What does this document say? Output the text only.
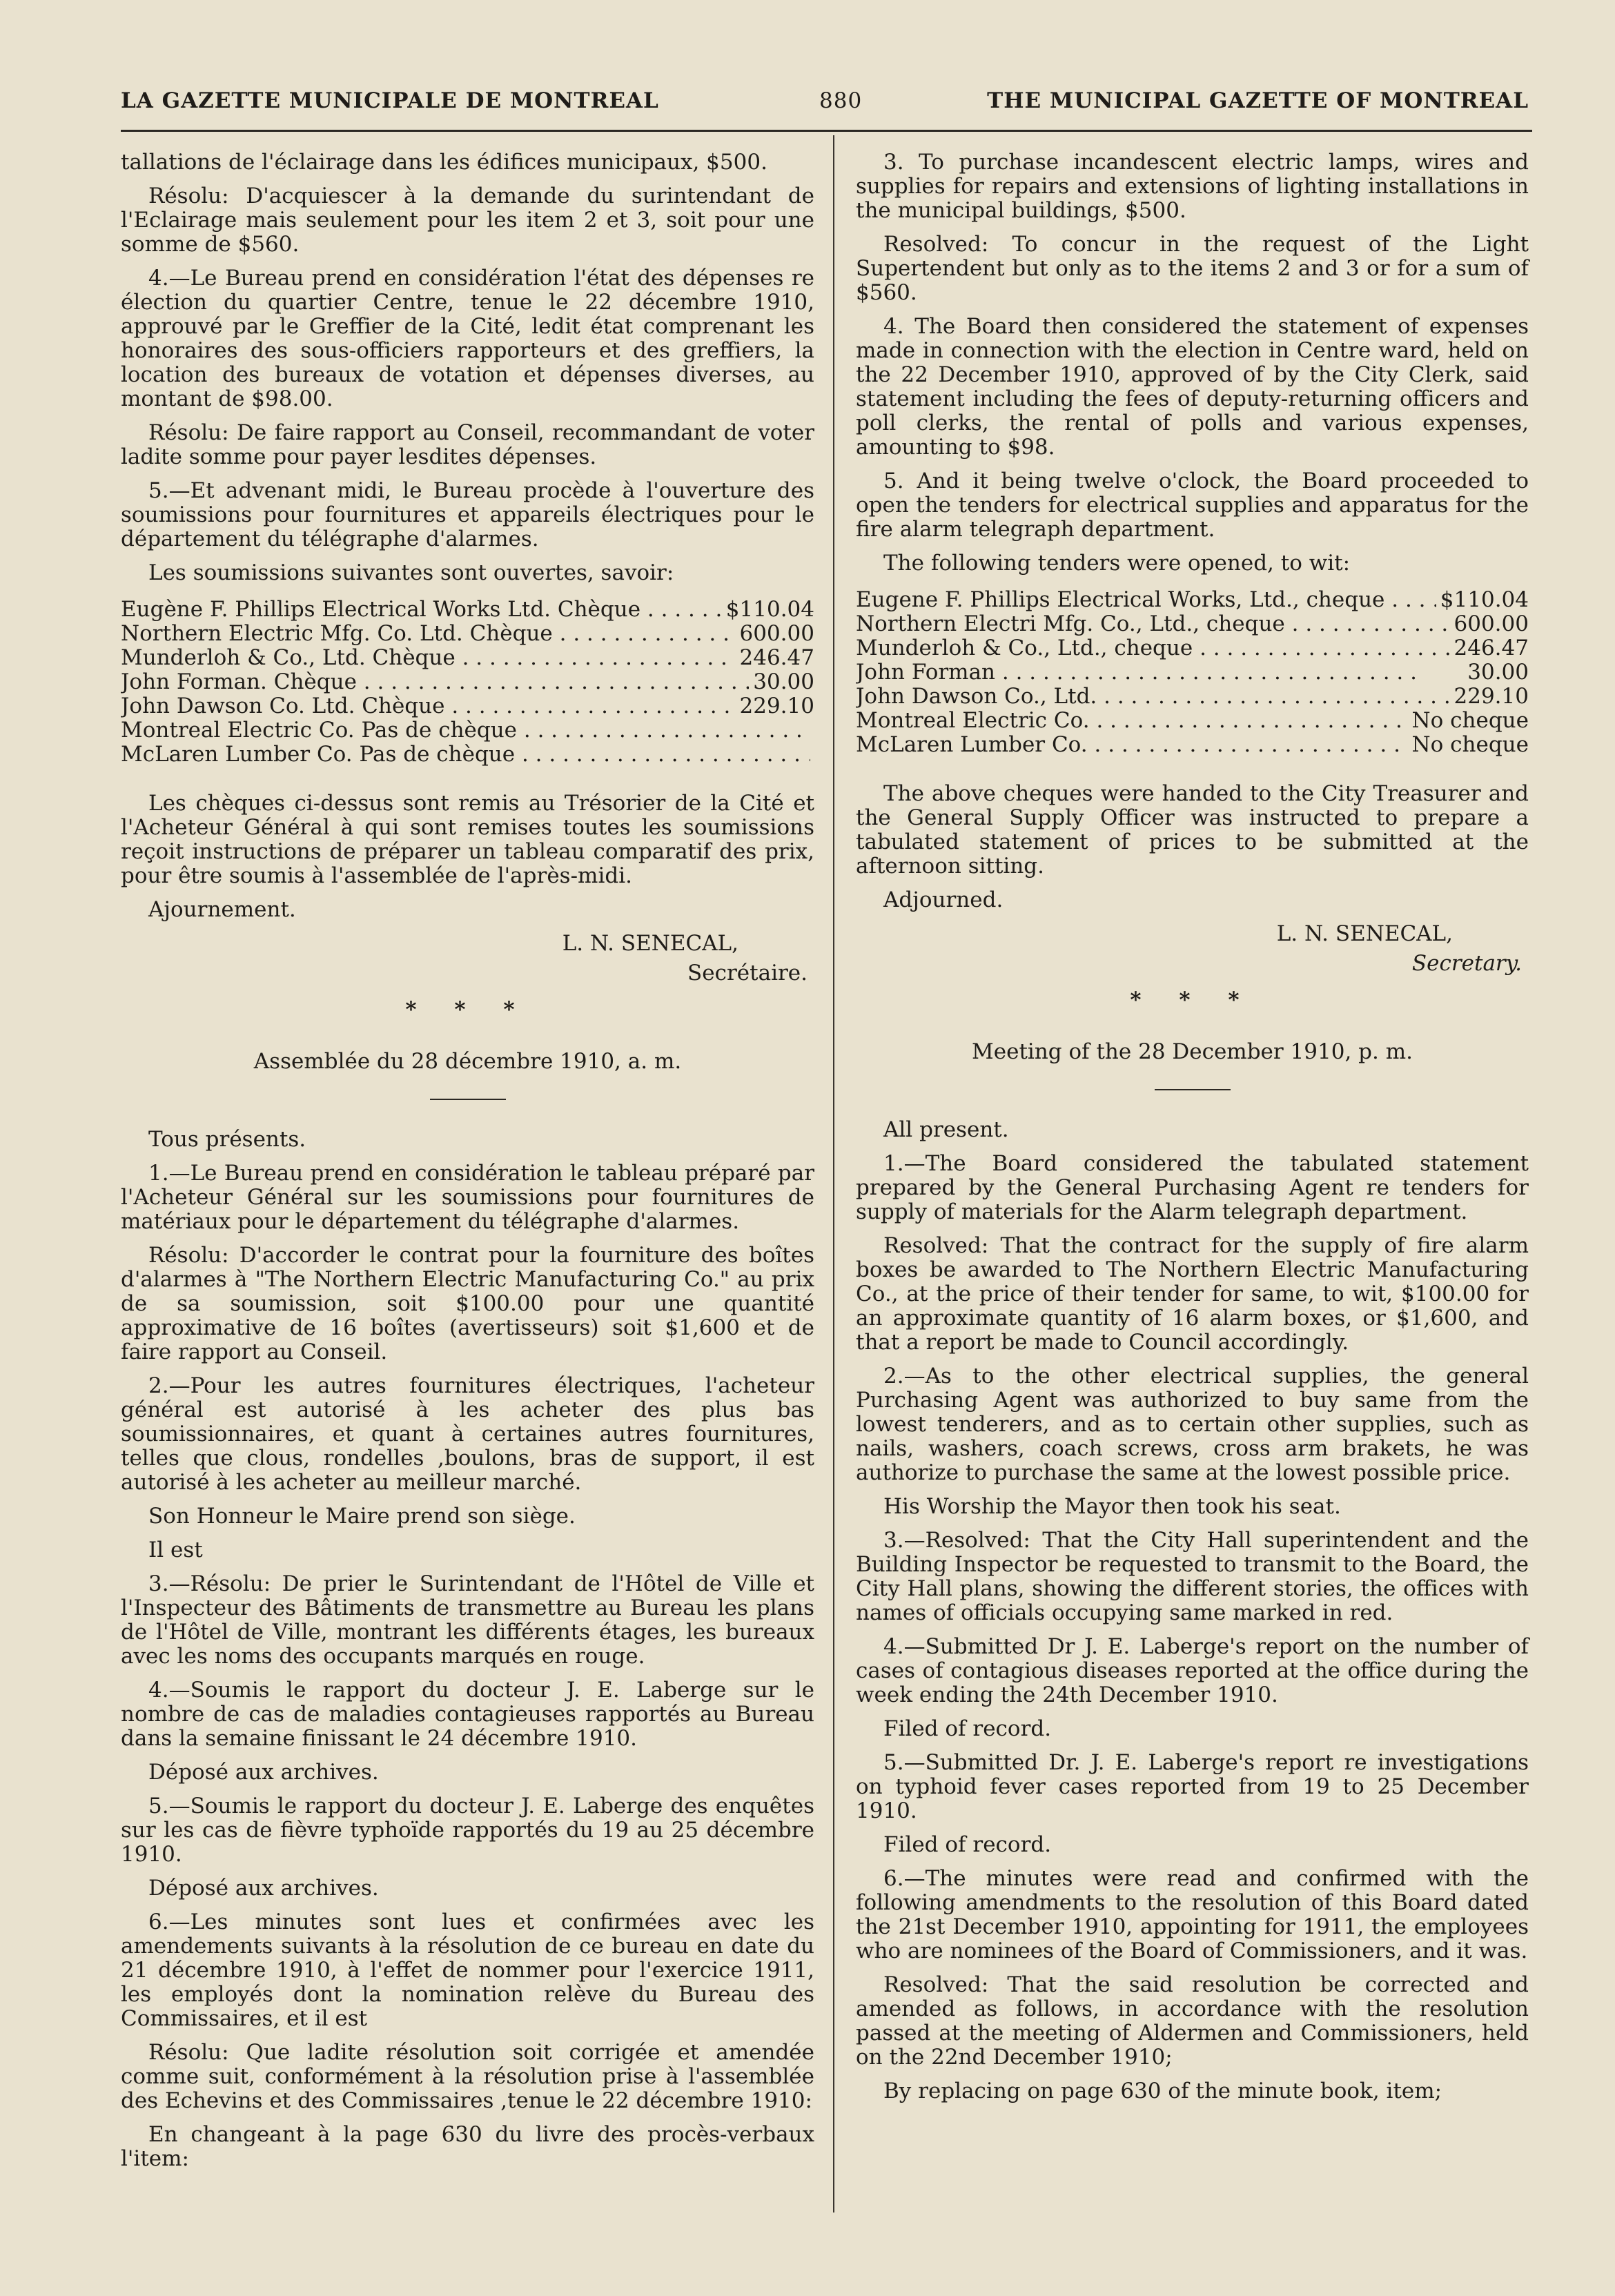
LA GAZETTE MUNICIPALE DE MONTREAL	880	THE MUNICIPAL GAZETTE OF MONTREAL

tallations de l'éclairage dans les édifices municipaux, $500.

Résolu: D'acquiescer à la demande du surintendant de l'Eclairage mais seulement pour les item 2 et 3, soit pour une somme de $560.

4.—Le Bureau prend en considération l'état des dépenses re élection du quartier Centre, tenue le 22 décembre 1910, approuvé par le Greffier de la Cité, ledit état comprenant les honoraires des sous-officiers rapporteurs et des greffiers, la location des bureaux de votation et dépenses diverses, au montant de $98.00.

Résolu: De faire rapport au Conseil, recommandant de voter ladite somme pour payer lesdites dépenses.

5.—Et advenant midi, le Bureau procède à l'ouverture des soumissions pour fournitures et appareils électriques pour le département du télégraphe d'alarmes.

Les soumissions suivantes sont ouvertes, savoir:

Eugène F. Phillips Electrical Works Ltd. Chèque . . .	$110.04
Northern Electric Mfg. Co. Ltd. Chèque . . .	600.00
Munderloh & Co., Ltd. Chèque . . .	246.47
John Forman. Chèque . . .	30.00
John Dawson Co. Ltd. Chèque . . .	229.10
Montreal Electric Co. Pas de chèque . . .
McLaren Lumber Co. Pas de chèque . . .

Les chèques ci-dessus sont remis au Trésorier de la Cité et l'Acheteur Général à qui sont remises toutes les soumissions reçoit instructions de préparer un tableau comparatif des prix, pour être soumis à l'assemblée de l'après-midi.

Ajournement.

L. N. SENECAL,
Secrétaire.
* * *
Assemblée du 28 décembre 1910, a. m.

Tous présents.

1.—Le Bureau prend en considération le tableau préparé par l'Acheteur Général sur les soumissions pour fournitures de matériaux pour le département du télégraphe d'alarmes.

Résolu: D'accorder le contrat pour la fourniture des boîtes d'alarmes à "The Northern Electric Manufacturing Co." au prix de sa soumission, soit $100.00 pour une quantité approximative de 16 boîtes (avertisseurs) soit $1,600 et de faire rapport au Conseil.

2.—Pour les autres fournitures électriques, l'acheteur général est autorisé à les acheter des plus bas soumissionnaires, et quant à certaines autres fournitures, telles que clous, rondelles ,boulons, bras de support, il est autorisé à les acheter au meilleur marché.

Son Honneur le Maire prend son siège.

Il est

3.—Résolu: De prier le Surintendant de l'Hôtel de Ville et l'Inspecteur des Bâtiments de transmettre au Bureau les plans de l'Hôtel de Ville, montrant les différents étages, les bureaux avec les noms des occupants marqués en rouge.

4.—Soumis le rapport du docteur J. E. Laberge sur le nombre de cas de maladies contagieuses rapportés au Bureau dans la semaine finissant le 24 décembre 1910.

Déposé aux archives.

5.—Soumis le rapport du docteur J. E. Laberge des enquêtes sur les cas de fièvre typhoïde rapportés du 19 au 25 décembre 1910.

Déposé aux archives.

6.—Les minutes sont lues et confirmées avec les amendements suivants à la résolution de ce bureau en date du 21 décembre 1910, à l'effet de nommer pour l'exercice 1911, les employés dont la nomination relève du Bureau des Commissaires, et il est

Résolu: Que ladite résolution soit corrigée et amendée comme suit, conformément à la résolution prise à l'assemblée des Echevins et des Commissaires ,tenue le 22 décembre 1910:

En changeant à la page 630 du livre des procès-verbaux l'item:

3. To purchase incandescent electric lamps, wires and supplies for repairs and extensions of lighting installations in the municipal buildings, $500.

Resolved: To concur in the request of the Light Supertendent but only as to the items 2 and 3 or for a sum of $560.

4. The Board then considered the statement of expenses made in connection with the election in Centre ward, held on the 22 December 1910, approved of by the City Clerk, said statement including the fees of deputy-returning officers and poll clerks, the rental of polls and various expenses, amounting to $98.

5. And it being twelve o'clock, the Board proceeded to open the tenders for electrical supplies and apparatus for the fire alarm telegraph department.

The following tenders were opened, to wit:

Eugene F. Phillips Electrical Works, Ltd., cheque . . .	$110.04
Northern Electri Mfg. Co., Ltd., cheque . . .	600.00
Munderloh & Co., Ltd., cheque . . .	246.47
John Forman . . .	30.00
John Dawson Co., Ltd. . . .	229.10
Montreal Electric Co. . . .	No cheque
McLaren Lumber Co. . . .	No cheque

The above cheques were handed to the City Treasurer and the General Supply Officer was instructed to prepare a tabulated statement of prices to be submitted at the afternoon sitting.

Adjourned.

L. N. SENECAL,
Secretary.
* * *
Meeting of the 28 December 1910, p. m.

All present.

1.—The Board considered the tabulated statement prepared by the General Purchasing Agent re tenders for supply of materials for the Alarm telegraph department.

Resolved: That the contract for the supply of fire alarm boxes be awarded to The Northern Electric Manufacturing Co., at the price of their tender for same, to wit, $100.00 for an approximate quantity of 16 alarm boxes, or $1,600, and that a report be made to Council accordingly.

2.—As to the other electrical supplies, the general Purchasing Agent was authorized to buy same from the lowest tenderers, and as to certain other supplies, such as nails, washers, coach screws, cross arm brakets, he was authorize to purchase the same at the lowest possible price.

His Worship the Mayor then took his seat.

3.—Resolved: That the City Hall superintendent and the Building Inspector be requested to transmit to the Board, the City Hall plans, showing the different stories, the offices with names of officials occupying same marked in red.

4.—Submitted Dr J. E. Laberge's report on the number of cases of contagious diseases reported at the office during the week ending the 24th December 1910.

Filed of record.

5.—Submitted Dr. J. E. Laberge's report re investigations on typhoid fever cases reported from 19 to 25 December 1910.

Filed of record.

6.—The minutes were read and confirmed with the following amendments to the resolution of this Board dated the 21st December 1910, appointing for 1911, the employees who are nominees of the Board of Commissioners, and it was.

Resolved: That the said resolution be corrected and amended as follows, in accordance with the resolution passed at the meeting of Aldermen and Commissioners, held on the 22nd December 1910;

By replacing on page 630 of the minute book, item;
